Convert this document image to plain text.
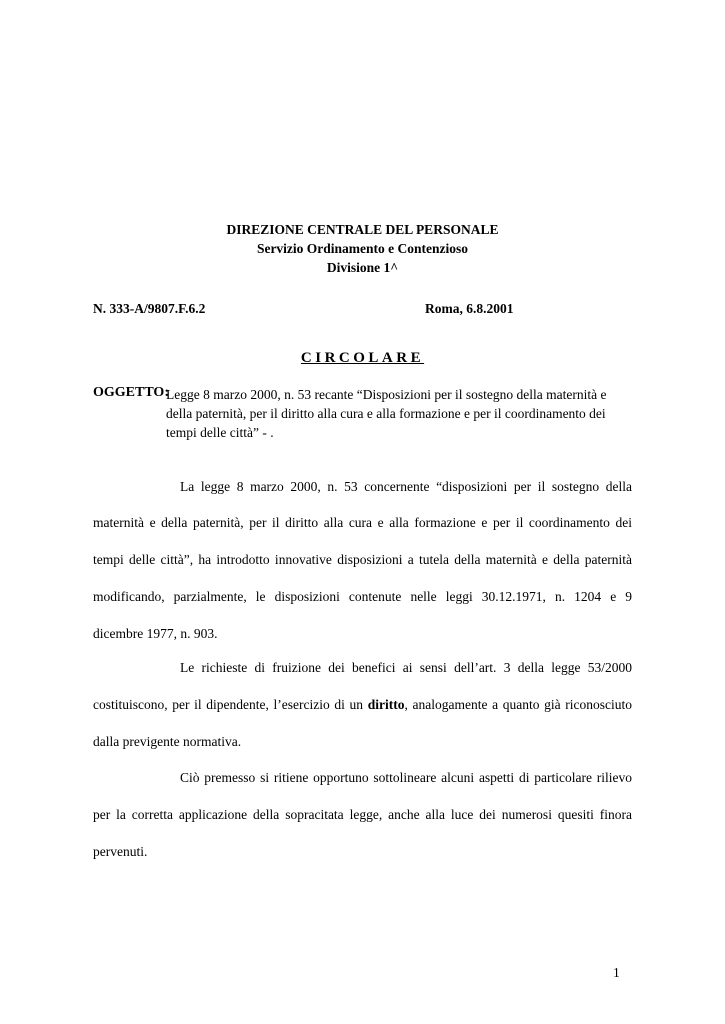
DIREZIONE CENTRALE DEL PERSONALE
Servizio Ordinamento e Contenzioso
Divisione 1^
N. 333-A/9807.F.6.2	Roma, 6.8.2001
CIRCOLARE
OGGETTO:
Legge 8 marzo 2000, n. 53 recante “Disposizioni per il sostegno della maternità e della paternità, per il diritto alla cura e alla formazione e per il coordinamento dei tempi delle città” - .
La legge 8 marzo 2000, n. 53 concernente “disposizioni per il sostegno della
maternità e della paternità, per il diritto alla cura e alla formazione e per il coordinamento dei
tempi delle città”, ha introdotto innovative disposizioni a tutela della maternità e della paternità
modificando, parzialmente, le disposizioni contenute nelle leggi 30.12.1971, n. 1204 e 9
dicembre 1977, n. 903.
Le richieste di fruizione dei benefici ai sensi dell’art. 3 della legge 53/2000
costituiscono, per il dipendente, l’esercizio di un diritto, analogamente a quanto già riconosciuto
dalla previgente normativa.
Ciò premesso si ritiene opportuno sottolineare alcuni aspetti di particolare rilievo
per la corretta applicazione della sopracitata legge, anche alla luce dei numerosi quesiti finora
pervenuti.
1
